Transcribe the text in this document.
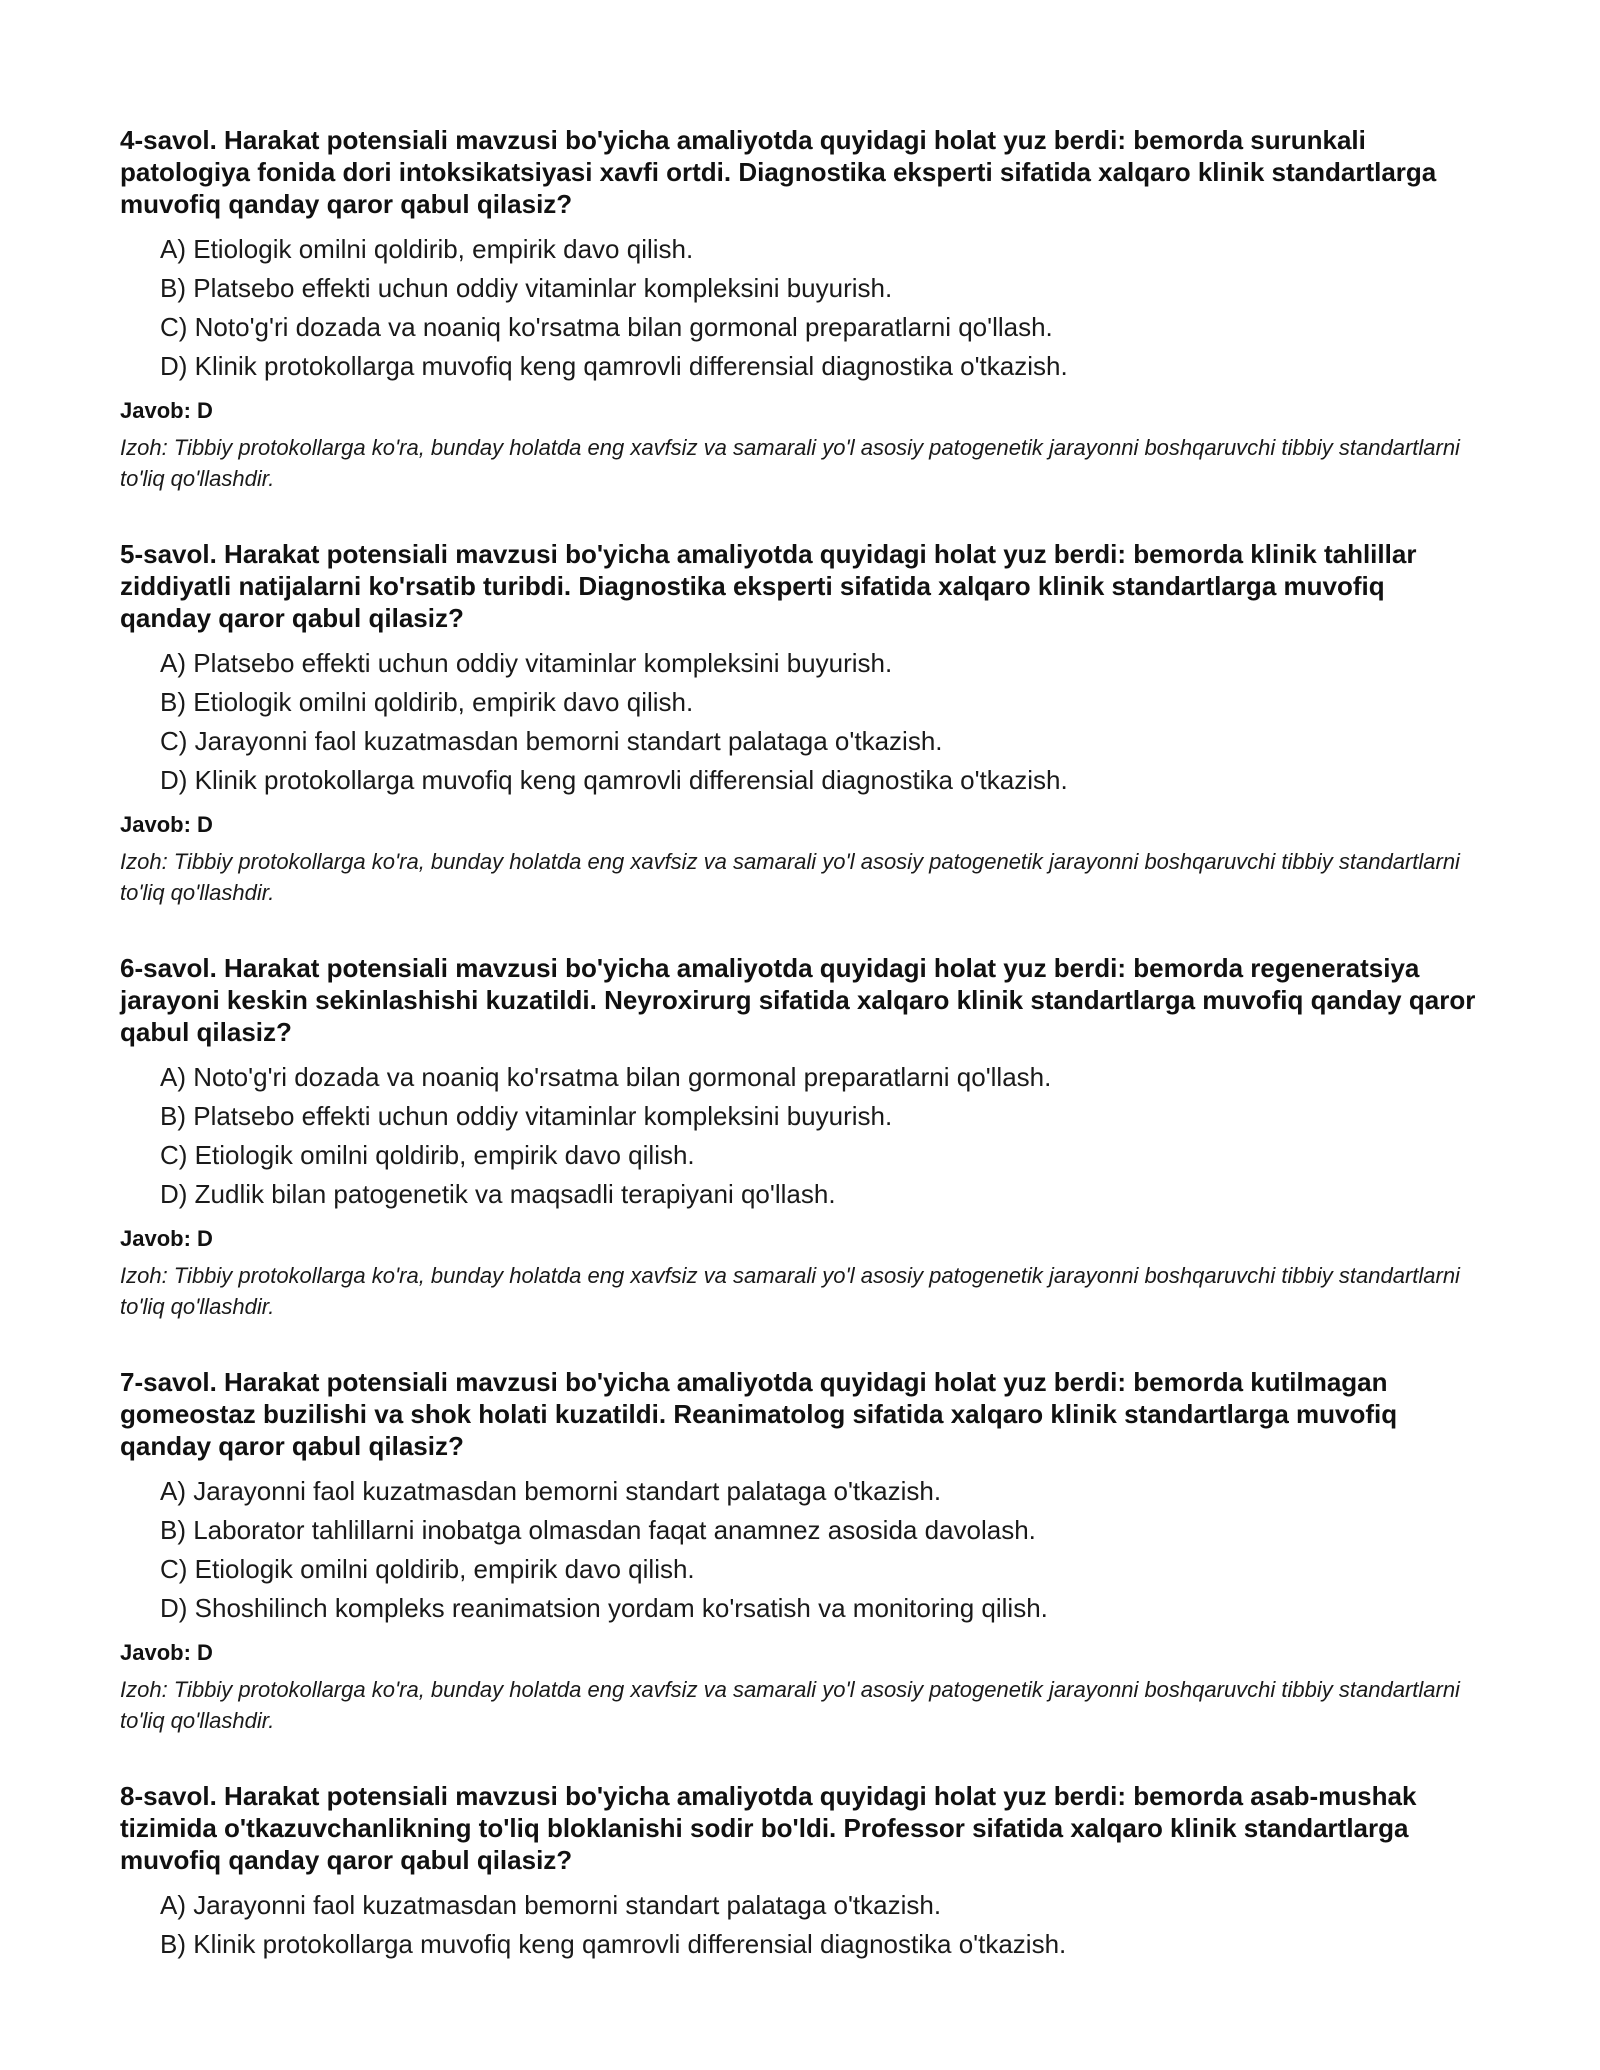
4-savol. Harakat potensiali mavzusi bo'yicha amaliyotda quyidagi holat yuz berdi: bemorda surunkali patologiya fonida dori intoksikatsiyasi xavfi ortdi. Diagnostika eksperti sifatida xalqaro klinik standartlarga muvofiq qanday qaror qabul qilasiz?

A) Etiologik omilni qoldirib, empirik davo qilish.
B) Platsebo effekti uchun oddiy vitaminlar kompleksini buyurish.
C) Noto'g'ri dozada va noaniq ko'rsatma bilan gormonal preparatlarni qo'llash.
D) Klinik protokollarga muvofiq keng qamrovli differensial diagnostika o'tkazish.

Javob: D

Izoh: Tibbiy protokollarga ko'ra, bunday holatda eng xavfsiz va samarali yo'l asosiy patogenetik jarayonni boshqaruvchi tibbiy standartlarni to'liq qo'llashdir.

5-savol. Harakat potensiali mavzusi bo'yicha amaliyotda quyidagi holat yuz berdi: bemorda klinik tahlillar ziddiyatli natijalarni ko'rsatib turibdi. Diagnostika eksperti sifatida xalqaro klinik standartlarga muvofiq qanday qaror qabul qilasiz?

A) Platsebo effekti uchun oddiy vitaminlar kompleksini buyurish.
B) Etiologik omilni qoldirib, empirik davo qilish.
C) Jarayonni faol kuzatmasdan bemorni standart palataga o'tkazish.
D) Klinik protokollarga muvofiq keng qamrovli differensial diagnostika o'tkazish.

Javob: D

Izoh: Tibbiy protokollarga ko'ra, bunday holatda eng xavfsiz va samarali yo'l asosiy patogenetik jarayonni boshqaruvchi tibbiy standartlarni to'liq qo'llashdir.

6-savol. Harakat potensiali mavzusi bo'yicha amaliyotda quyidagi holat yuz berdi: bemorda regeneratsiya jarayoni keskin sekinlashishi kuzatildi. Neyroxirurg sifatida xalqaro klinik standartlarga muvofiq qanday qaror qabul qilasiz?

A) Noto'g'ri dozada va noaniq ko'rsatma bilan gormonal preparatlarni qo'llash.
B) Platsebo effekti uchun oddiy vitaminlar kompleksini buyurish.
C) Etiologik omilni qoldirib, empirik davo qilish.
D) Zudlik bilan patogenetik va maqsadli terapiyani qo'llash.

Javob: D

Izoh: Tibbiy protokollarga ko'ra, bunday holatda eng xavfsiz va samarali yo'l asosiy patogenetik jarayonni boshqaruvchi tibbiy standartlarni to'liq qo'llashdir.

7-savol. Harakat potensiali mavzusi bo'yicha amaliyotda quyidagi holat yuz berdi: bemorda kutilmagan gomeostaz buzilishi va shok holati kuzatildi. Reanimatolog sifatida xalqaro klinik standartlarga muvofiq qanday qaror qabul qilasiz?

A) Jarayonni faol kuzatmasdan bemorni standart palataga o'tkazish.
B) Laborator tahlillarni inobatga olmasdan faqat anamnez asosida davolash.
C) Etiologik omilni qoldirib, empirik davo qilish.
D) Shoshilinch kompleks reanimatsion yordam ko'rsatish va monitoring qilish.

Javob: D

Izoh: Tibbiy protokollarga ko'ra, bunday holatda eng xavfsiz va samarali yo'l asosiy patogenetik jarayonni boshqaruvchi tibbiy standartlarni to'liq qo'llashdir.

8-savol. Harakat potensiali mavzusi bo'yicha amaliyotda quyidagi holat yuz berdi: bemorda asab-mushak tizimida o'tkazuvchanlikning to'liq bloklanishi sodir bo'ldi. Professor sifatida xalqaro klinik standartlarga muvofiq qanday qaror qabul qilasiz?

A) Jarayonni faol kuzatmasdan bemorni standart palataga o'tkazish.
B) Klinik protokollarga muvofiq keng qamrovli differensial diagnostika o'tkazish.
